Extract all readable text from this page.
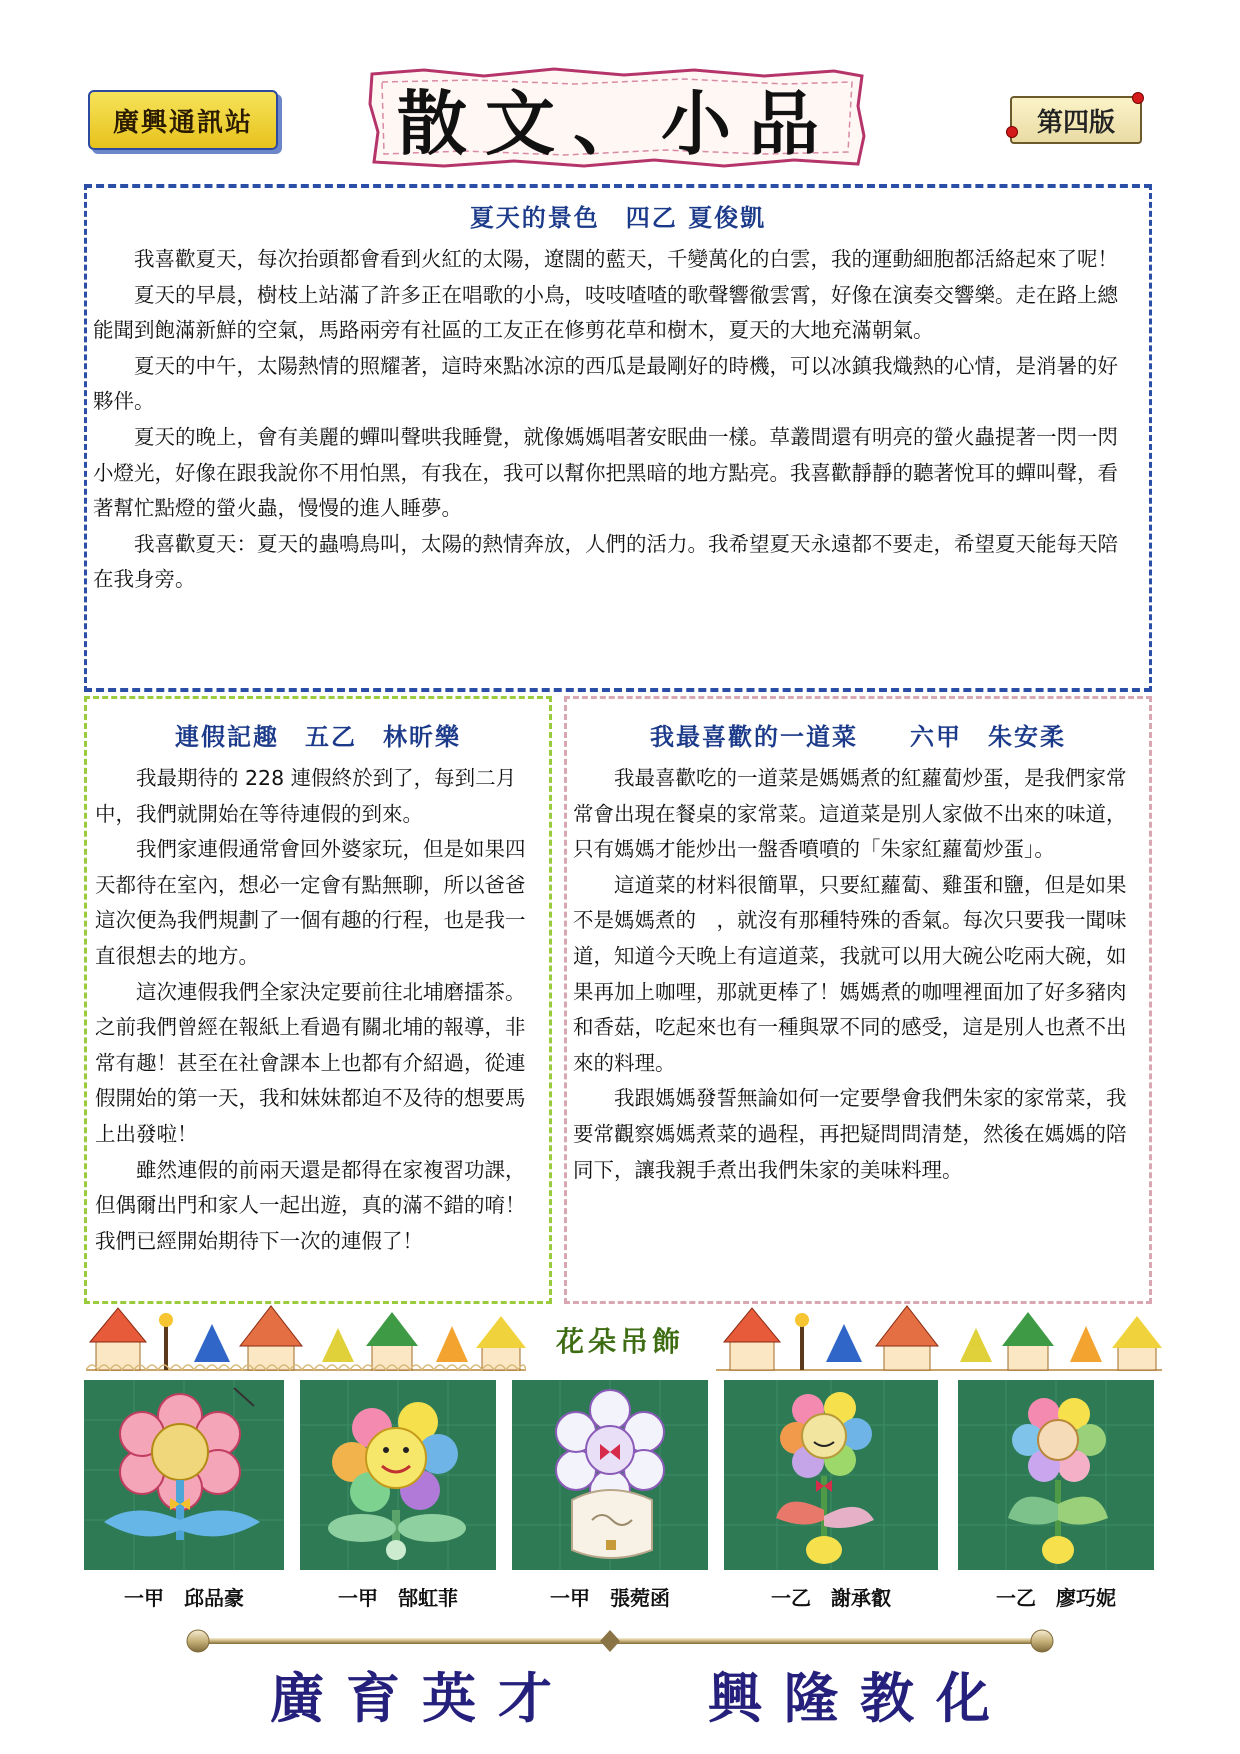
廣興通訊站	散文、小品	第四版
夏天的景色　四乙 夏俊凱

我喜歡夏天，每次抬頭都會看到火紅的太陽，遼闊的藍天，千變萬化的白雲，我的運動細胞都活絡起來了呢！

夏天的早晨，樹枝上站滿了許多正在唱歌的小鳥，吱吱喳喳的歌聲響徹雲霄，好像在演奏交響樂。走在路上總能聞到飽滿新鮮的空氣，馬路兩旁有社區的工友正在修剪花草和樹木，夏天的大地充滿朝氣。

夏天的中午，太陽熱情的照耀著，這時來點冰涼的西瓜是最剛好的時機，可以冰鎮我熾熱的心情，是消暑的好夥伴。

夏天的晚上，會有美麗的蟬叫聲哄我睡覺，就像媽媽唱著安眠曲一樣。草叢間還有明亮的螢火蟲提著一閃一閃小燈光，好像在跟我說你不用怕黑，有我在，我可以幫你把黑暗的地方點亮。我喜歡靜靜的聽著悅耳的蟬叫聲，看著幫忙點燈的螢火蟲，慢慢的進人睡夢。

我喜歡夏天：夏天的蟲鳴鳥叫，太陽的熱情奔放，人們的活力。我希望夏天永遠都不要走，希望夏天能每天陪在我身旁。

連假記趣　五乙　林昕樂

我最期待的 228 連假終於到了，每到二月中，我們就開始在等待連假的到來。

我們家連假通常會回外婆家玩，但是如果四天都待在室內，想必一定會有點無聊，所以爸爸這次便為我們規劃了一個有趣的行程，也是我一直很想去的地方。

這次連假我們全家決定要前往北埔磨擂茶。之前我們曾經在報紙上看過有關北埔的報導，非常有趣！甚至在社會課本上也都有介紹過，從連假開始的第一天，我和妹妹都迫不及待的想要馬上出發啦！

雖然連假的前兩天還是都得在家複習功課，但偶爾出門和家人一起出遊，真的滿不錯的唷！我們已經開始期待下一次的連假了！

我最喜歡的一道菜　　六甲　朱安柔

我最喜歡吃的一道菜是媽媽煮的紅蘿蔔炒蛋，是我們家常常會出現在餐桌的家常菜。這道菜是別人家做不出來的味道，只有媽媽才能炒出一盤香噴噴的「朱家紅蘿蔔炒蛋」。

這道菜的材料很簡單，只要紅蘿蔔、雞蛋和鹽，但是如果不是媽媽煮的　，就沒有那種特殊的香氣。每次只要我一聞味道，知道今天晚上有這道菜，我就可以用大碗公吃兩大碗，如果再加上咖哩，那就更棒了！媽媽煮的咖哩裡面加了好多豬肉和香菇，吃起來也有一種與眾不同的感受，這是別人也煮不出來的料理。

我跟媽媽發誓無論如何一定要學會我們朱家的家常菜，我要常觀察媽媽煮菜的過程，再把疑問問清楚，然後在媽媽的陪同下，讓我親手煮出我們朱家的美味料理。

花朵吊飾
一甲　邱品豪	一甲　郜虹菲	一甲　張菀函	一乙　謝承叡	一乙　廖巧妮
廣育英才 興隆教化
